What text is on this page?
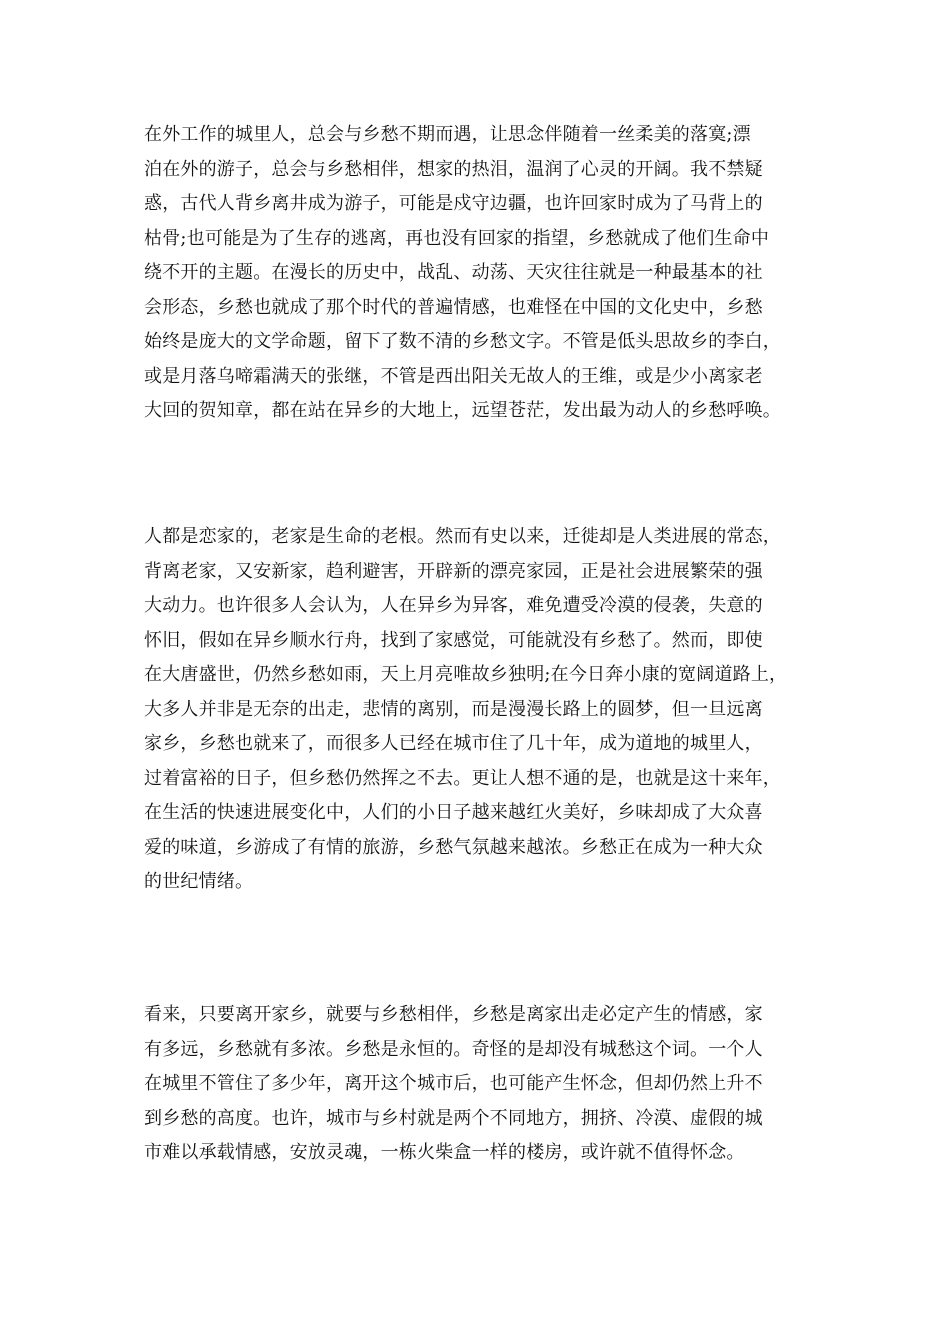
在外工作的城里人，总会与乡愁不期而遇，让思念伴随着一丝柔美的落寞;漂
泊在外的游子，总会与乡愁相伴，想家的热泪，温润了心灵的开阔。我不禁疑
惑，古代人背乡离井成为游子，可能是戍守边疆，也许回家时成为了马背上的
枯骨;也可能是为了生存的逃离，再也没有回家的指望，乡愁就成了他们生命中
绕不开的主题。在漫长的历史中，战乱、动荡、天灾往往就是一种最基本的社
会形态，乡愁也就成了那个时代的普遍情感，也难怪在中国的文化史中，乡愁
始终是庞大的文学命题，留下了数不清的乡愁文字。不管是低头思故乡的李白，
或是月落乌啼霜满天的张继，不管是西出阳关无故人的王维，或是少小离家老
大回的贺知章，都在站在异乡的大地上，远望苍茫，发出最为动人的乡愁呼唤。
人都是恋家的，老家是生命的老根。然而有史以来，迁徙却是人类进展的常态，
背离老家，又安新家，趋利避害，开辟新的漂亮家园，正是社会进展繁荣的强
大动力。也许很多人会认为，人在异乡为异客，难免遭受冷漠的侵袭，失意的
怀旧，假如在异乡顺水行舟，找到了家感觉，可能就没有乡愁了。然而，即使
在大唐盛世，仍然乡愁如雨，天上月亮唯故乡独明;在今日奔小康的宽阔道路上，
大多人并非是无奈的出走，悲情的离别，而是漫漫长路上的圆梦，但一旦远离
家乡，乡愁也就来了，而很多人已经在城市住了几十年，成为道地的城里人，
过着富裕的日子，但乡愁仍然挥之不去。更让人想不通的是，也就是这十来年，
在生活的快速进展变化中，人们的小日子越来越红火美好，乡味却成了大众喜
爱的味道，乡游成了有情的旅游，乡愁气氛越来越浓。乡愁正在成为一种大众
的世纪情绪。
看来，只要离开家乡，就要与乡愁相伴，乡愁是离家出走必定产生的情感，家
有多远，乡愁就有多浓。乡愁是永恒的。奇怪的是却没有城愁这个词。一个人
在城里不管住了多少年，离开这个城市后，也可能产生怀念，但却仍然上升不
到乡愁的高度。也许，城市与乡村就是两个不同地方，拥挤、冷漠、虚假的城
市难以承载情感，安放灵魂，一栋火柴盒一样的楼房，或许就不值得怀念。
